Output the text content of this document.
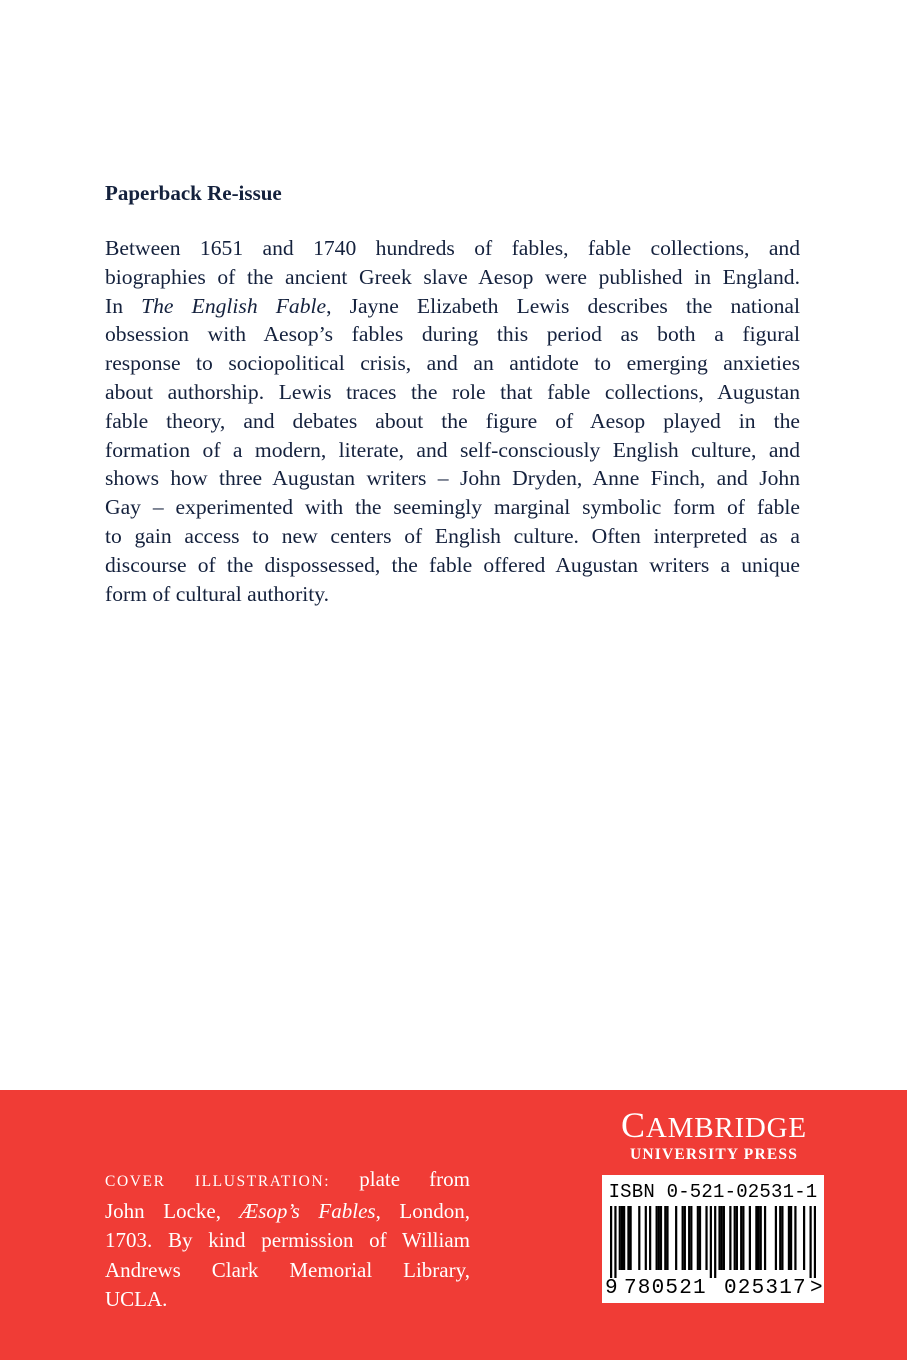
Paperback Re-issue
Between 1651 and 1740 hundreds of fables, fable collections, and
biographies of the ancient Greek slave Aesop were published in England.
In The English Fable, Jayne Elizabeth Lewis describes the national
obsession with Aesop’s fables during this period as both a figural
response to sociopolitical crisis, and an antidote to emerging anxieties
about authorship. Lewis traces the role that fable collections, Augustan
fable theory, and debates about the figure of Aesop played in the
formation of a modern, literate, and self-consciously English culture, and
shows how three Augustan writers – John Dryden, Anne Finch, and John
Gay – experimented with the seemingly marginal symbolic form of fable
to gain access to new centers of English culture. Often interpreted as a
discourse of the dispossessed, the fable offered Augustan writers a unique
form of cultural authority.
COVER ILLUSTRATION: plate from
John Locke, Æsop’s Fables, London,
1703. By kind permission of William
Andrews Clark Memorial Library,
UCLA.
CAMBRIDGE
UNIVERSITY PRESS
ISBN 0-521-02531-1
9 780521 025317 >
